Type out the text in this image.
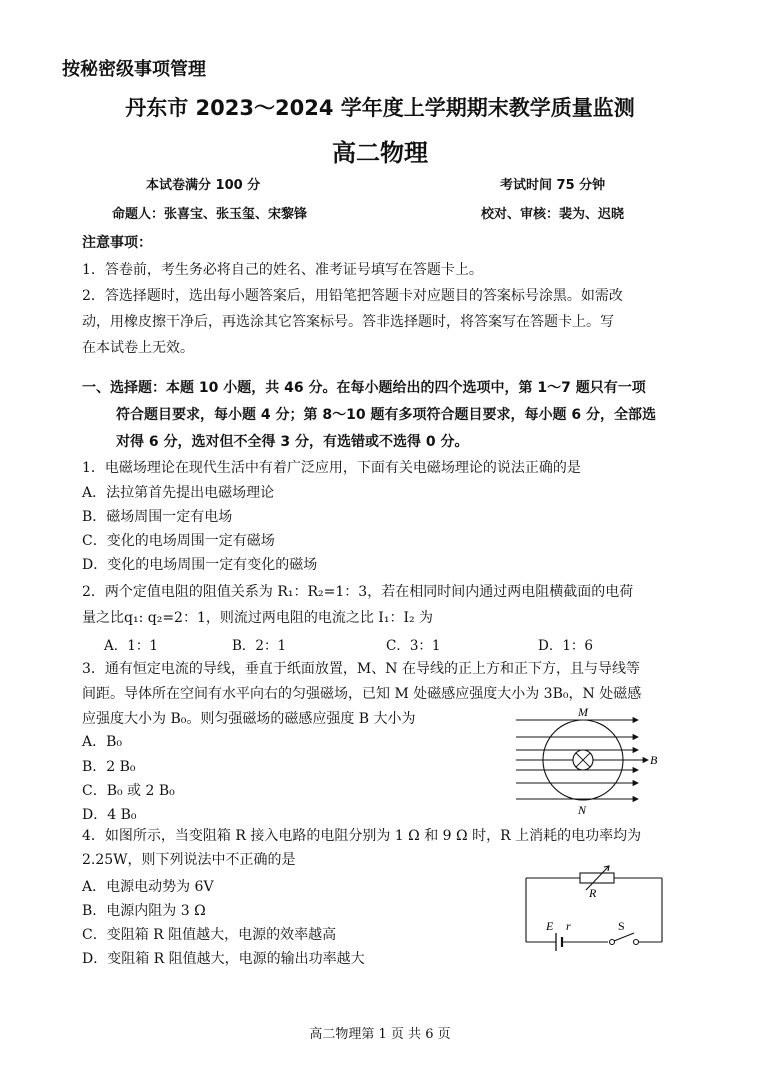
按秘密级事项管理
丹东市 2023～2024 学年度上学期期末教学质量监测
高二物理
本试卷满分 100 分	考试时间 75 分钟
命题人：张喜宝、张玉玺、宋黎锋	校对、审核：裴为、迟晓
注意事项：
1．答卷前，考生务必将自己的姓名、准考证号填写在答题卡上。
2．答选择题时，选出每小题答案后，用铅笔把答题卡对应题目的答案标号涂黑。如需改
动，用橡皮擦干净后，再选涂其它答案标号。答非选择题时，将答案写在答题卡上。写
在本试卷上无效。
一、选择题：本题 10 小题，共 46 分。在每小题给出的四个选项中，第 1～7 题只有一项
符合题目要求，每小题 4 分；第 8～10 题有多项符合题目要求，每小题 6 分，全部选
对得 6 分，选对但不全得 3 分，有选错或不选得 0 分。
1．电磁场理论在现代生活中有着广泛应用，下面有关电磁场理论的说法正确的是
A．法拉第首先提出电磁场理论
B．磁场周围一定有电场
C．变化的电场周围一定有磁场
D．变化的电场周围一定有变化的磁场
2．两个定值电阻的阻值关系为 R₁：R₂=1：3，若在相同时间内通过两电阻横截面的电荷
量之比q₁: q₂=2：1，则流过两电阻的电流之比 I₁：I₂ 为
A．1：1	B．2：1	C．3：1	D．1：6
3．通有恒定电流的导线，垂直于纸面放置，M、N 在导线的正上方和正下方，且与导线等
间距。导体所在空间有水平向右的匀强磁场，已知 M 处磁感应强度大小为 3B₀，N 处磁感
应强度大小为 B₀。则匀强磁场的磁感应强度 B 大小为
A．B₀
B．2 B₀
C．B₀ 或 2 B₀
D．4 B₀
M
N
B
4．如图所示，当变阻箱 R 接入电路的电阻分别为 1 Ω 和 9 Ω 时，R 上消耗的电功率均为
2.25W，则下列说法中不正确的是
A．电源电动势为 6V
B．电源内阻为 3 Ω
C．变阻箱 R 阻值越大，电源的效率越高
D．变阻箱 R 阻值越大，电源的输出功率越大
R
E r	S
高二物理第 1 页 共 6 页
